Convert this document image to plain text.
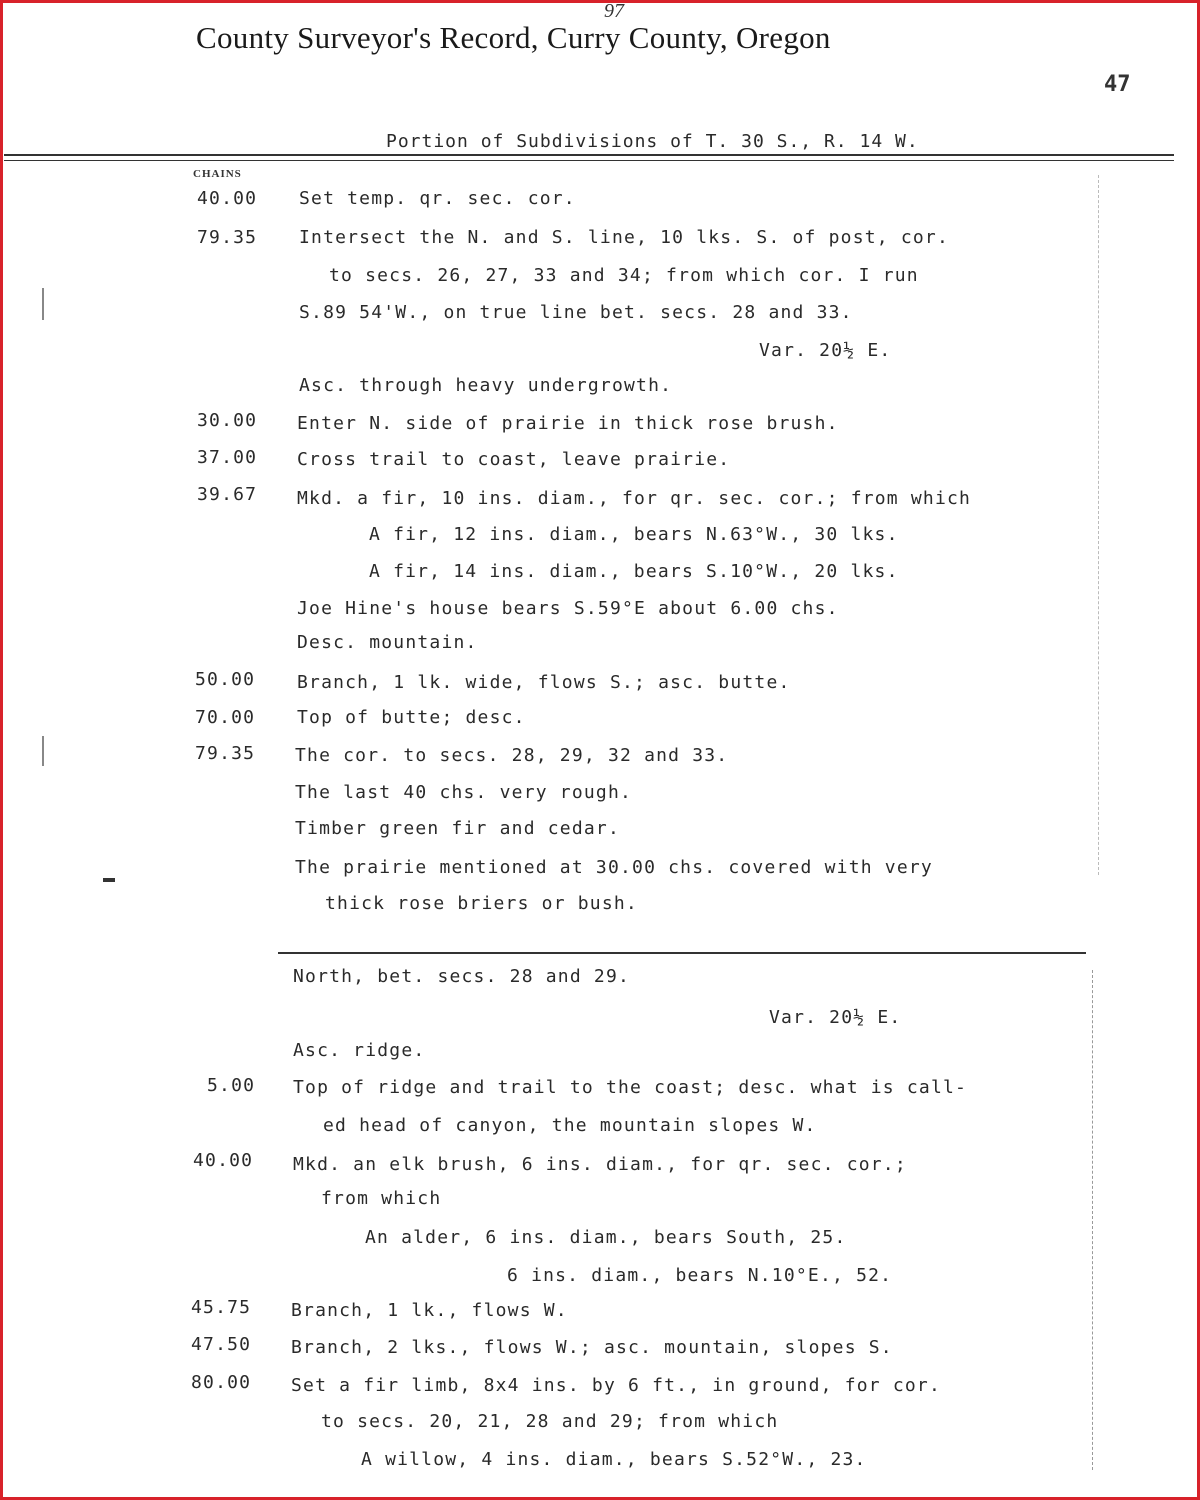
97
County Surveyor's Record, Curry County, Oregon
47
Portion of Subdivisions of T. 30 S., R. 14 W.
CHAINS
40.00
79.35
30.00
37.00
39.67
50.00
70.00
79.35
Set temp. qr. sec. cor.
Intersect the N. and S. line, 10 lks. S. of post, cor.
to secs. 26, 27, 33 and 34; from which cor. I run
S.89 54'W., on true line bet. secs. 28 and 33.
Var. 20½ E.
Asc. through heavy undergrowth.
Enter N. side of prairie in thick rose brush.
Cross trail to coast, leave prairie.
Mkd. a fir, 10 ins. diam., for qr. sec. cor.; from which
A fir, 12 ins. diam., bears N.63°W., 30 lks.
A fir, 14 ins. diam., bears S.10°W., 20 lks.
Joe Hine's house bears S.59°E about 6.00 chs.
Desc. mountain.
Branch, 1 lk. wide, flows S.; asc. butte.
Top of butte; desc.
The cor. to secs. 28, 29, 32 and 33.
The last 40 chs. very rough.
Timber green fir and cedar.
The prairie mentioned at 30.00 chs. covered with very
thick rose briers or bush.
5.00
40.00
45.75
47.50
80.00
North, bet. secs. 28 and 29.
Var. 20½ E.
Asc. ridge.
Top of ridge and trail to the coast; desc. what is call-
ed head of canyon, the mountain slopes W.
Mkd. an elk brush, 6 ins. diam., for qr. sec. cor.;
from which
An alder, 6 ins. diam., bears South, 25.
6 ins. diam., bears N.10°E., 52.
Branch, 1 lk., flows W.
Branch, 2 lks., flows W.; asc. mountain, slopes S.
Set a fir limb, 8x4 ins. by 6 ft., in ground, for cor.
to secs. 20, 21, 28 and 29; from which
A willow, 4 ins. diam., bears S.52°W., 23.
